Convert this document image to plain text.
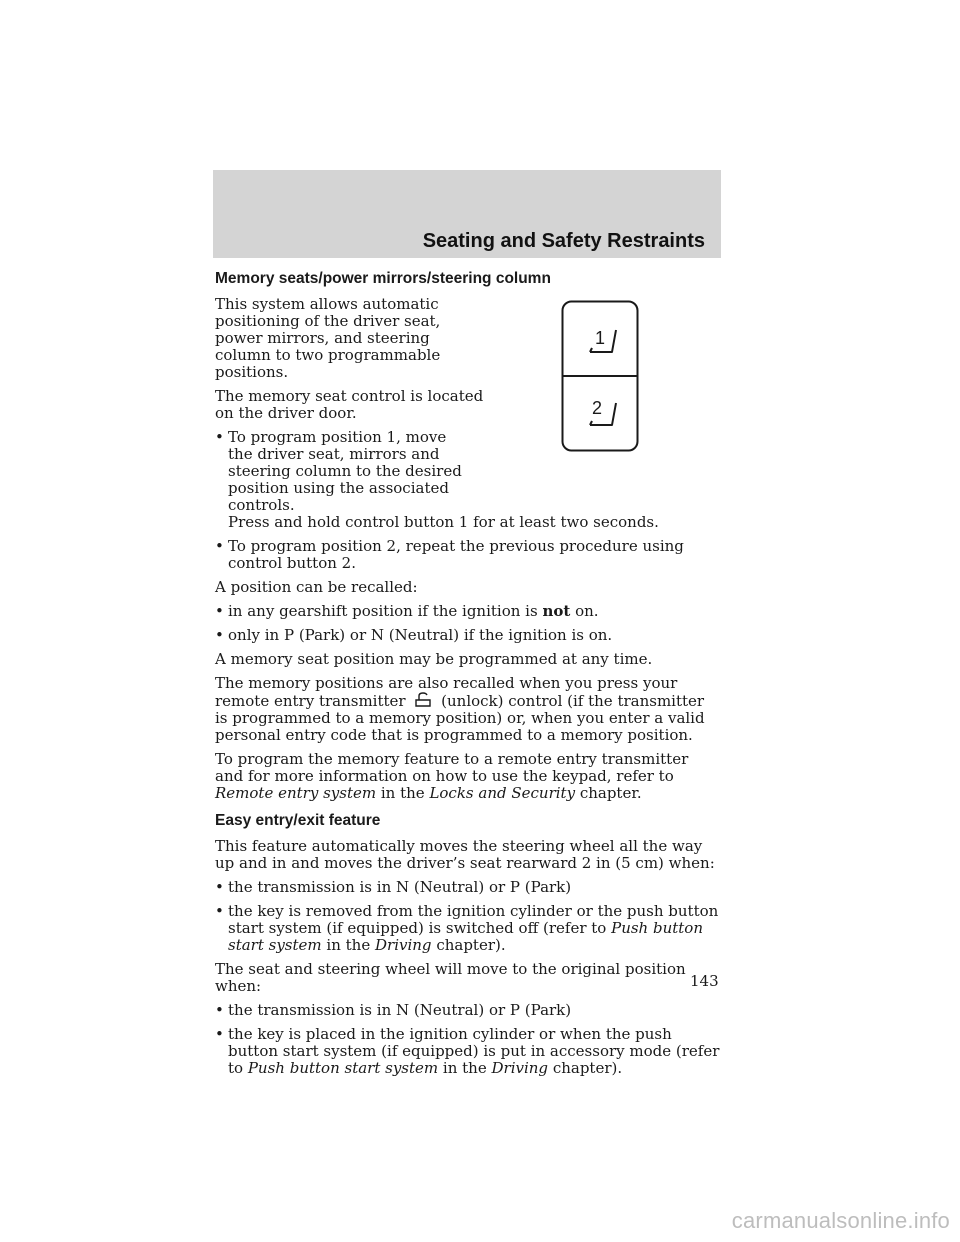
Seating and Safety Restraints
1
2
Memory seats/power mirrors/steering column

This system allows automatic positioning of the driver seat, power mirrors, and steering column to two programmable positions.

The memory seat control is located on the driver door.

• To program position 1, move the driver seat, mirrors and steering column to the desired position using the associated controls.
Press and hold control button 1 for at least two seconds.
• To program position 2, repeat the previous procedure using control button 2.

A position can be recalled:

• in any gearshift position if the ignition is not on.
• only in P (Park) or N (Neutral) if the ignition is on.

A memory seat position may be programmed at any time.

The memory positions are also recalled when you press your remote entry transmitter (unlock) control (if the transmitter is programmed to a memory position) or, when you enter a valid personal entry code that is programmed to a memory position.

To program the memory feature to a remote entry transmitter and for more information on how to use the keypad, refer to Remote entry system in the Locks and Security chapter.

Easy entry/exit feature

This feature automatically moves the steering wheel all the way up and in and moves the driver’s seat rearward 2 in (5 cm) when:

• the transmission is in N (Neutral) or P (Park)
• the key is removed from the ignition cylinder or the push button start system (if equipped) is switched off (refer to Push button start system in the Driving chapter).

The seat and steering wheel will move to the original position when:

• the transmission is in N (Neutral) or P (Park)
• the key is placed in the ignition cylinder or when the push button start system (if equipped) is put in accessory mode (refer to Push button start system in the Driving chapter).
143
carmanualsonline.info
